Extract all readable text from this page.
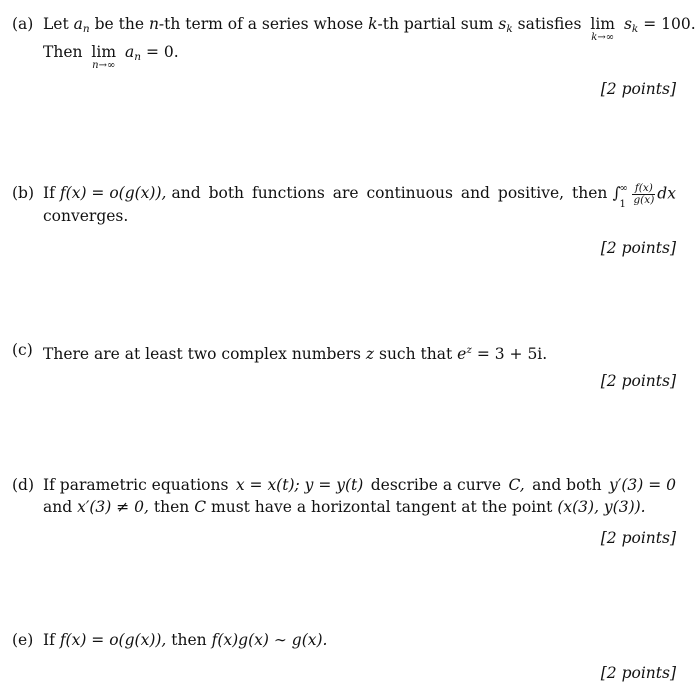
(a) Let $a_n$ be the n-th term of a series whose k-th partial sum $s_k$ satisfies lim
k→∞
$s_k = 100$.
Then lim
n→∞
$a_n = 0$.
[2 points]
(b) If f(x) = o(g(x)), and both functions are continuous and positive, then ∫
∞
$1 \frac{f(x)}{g(x)}$ dx
converges.
[2 points]
(c) There are at least two complex numbers z such that $e^z = 3 + 5i$.
[2 points]
(d) If parametric equations x = x(t); y = y(t) describe a curve C, and both y′(3) = 0
and x′(3) ≠ 0, then C must have a horizontal tangent at the point (x(3), y(3)).
[2 points]
(e) If f(x) = o(g(x)), then f(x)g(x) ∼ g(x).
[2 points]
